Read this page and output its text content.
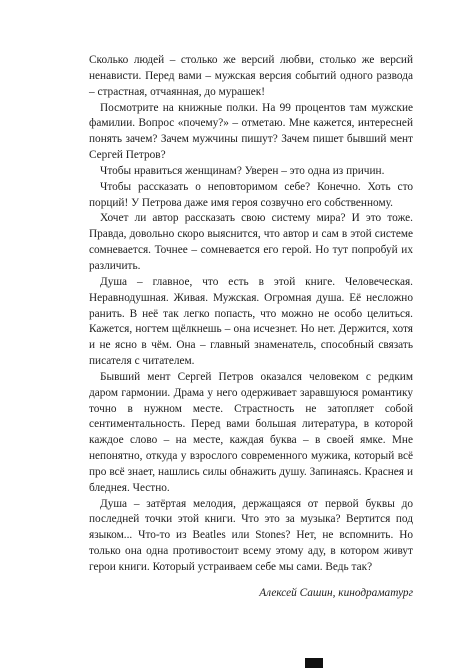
Сколько людей – столько же версий любви, столько же версий ненависти. Перед вами – мужская версия событий одного развода – страстная, отчаянная, до мурашек!

Посмотрите на книжные полки. На 99 процентов там мужские фамилии. Вопрос «почему?» – отметаю. Мне кажется, интересней понять зачем? Зачем мужчины пишут? Зачем пишет бывший мент Сергей Петров?

Чтобы нравиться женщинам? Уверен – это одна из причин.

Чтобы рассказать о неповторимом себе? Конечно. Хоть сто порций! У Петрова даже имя героя созвучно его собственному.

Хочет ли автор рассказать свою систему мира? И это тоже. Правда, довольно скоро выяснится, что автор и сам в этой системе сомневается. Точнее – сомневается его герой. Но тут попробуй их различить.

Душа – главное, что есть в этой книге. Человеческая. Неравнодушная. Живая. Мужская. Огромная душа. Её несложно ранить. В неё так легко попасть, что можно не особо целиться. Кажется, ногтем щёлкнешь – она исчезнет. Но нет. Держится, хотя и не ясно в чём. Она – главный знаменатель, способный связать писателя с читателем.

Бывший мент Сергей Петров оказался человеком с редким даром гармонии. Драма у него одерживает заравшуюся романтику точно в нужном месте. Страстность не затопляет собой сентиментальность. Перед вами большая литература, в которой каждое слово – на месте, каждая буква – в своей ямке. Мне непонятно, откуда у взрослого современного мужика, который всё про всё знает, нашлись силы обнажить душу. Запинаясь. Краснея и бледнея. Честно.

Душа – затёртая мелодия, держащаяся от первой буквы до последней точки этой книги. Что это за музыка? Вертится под языком... Что-то из Beatles или Stones? Нет, не вспомнить. Но только она одна противостоит всему этому аду, в котором живут герои книги. Который устраиваем себе мы сами. Ведь так?

Алексей Сашин, кинодраматург
